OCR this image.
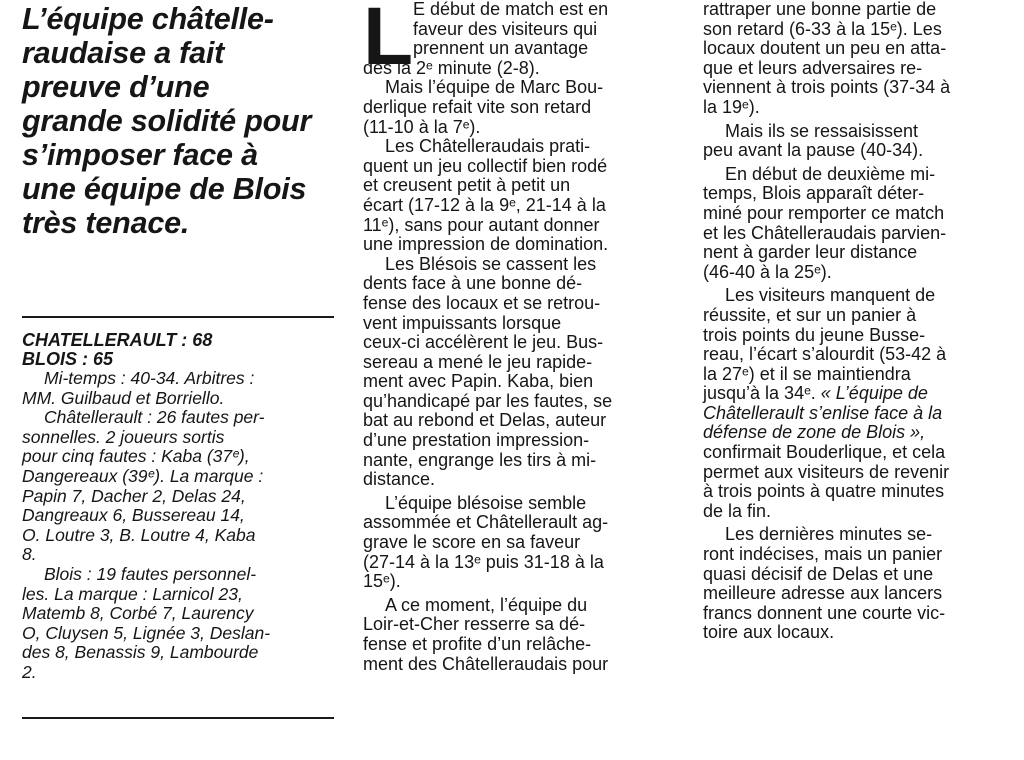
L’équipe châtelle-
raudaise a fait
preuve d’une
grande solidité pour
s’imposer face à
une équipe de Blois
très tenace.

CHATELLERAULT : 68

BLOIS : 65

Mi-temps : 40-34. Arbitres :
MM. Guilbaud et Borriello.
Châtellerault : 26 fautes per-
sonnelles. 2 joueurs sortis
pour cinq fautes : Kaba (37ᵉ),
Dangereaux (39ᵉ). La marque :
Papin 7, Dacher 2, Delas 24,
Dangreaux 6, Bussereau 14,
O. Loutre 3, B. Loutre 4, Kaba
8.
Blois : 19 fautes personnel-
les. La marque : Larnicol 23,
Matemb 8, Corbé 7, Laurency
O, Cluysen 5, Lignée 3, Deslan-
des 8, Benassis 9, Lambourde
2.

L E début de match est en
faveur des visiteurs qui
prennent un avantage
dès la 2ᵉ minute (2-8).
Mais l’équipe de Marc Bou-
derlique refait vite son retard
(11-10 à la 7ᵉ).
Les Châtelleraudais prati-
quent un jeu collectif bien rodé
et creusent petit à petit un
écart (17-12 à la 9ᵉ, 21-14 à la
11ᵉ), sans pour autant donner
une impression de domination.
Les Blésois se cassent les
dents face à une bonne dé-
fense des locaux et se retrou-
vent impuissants lorsque
ceux-ci accélèrent le jeu. Bus-
sereau a mené le jeu rapide-
ment avec Papin. Kaba, bien
qu’handicapé par les fautes, se
bat au rebond et Delas, auteur
d’une prestation impression-
nante, engrange les tirs à mi-
distance.
L’équipe blésoise semble
assommée et Châtellerault ag-
grave le score en sa faveur
(27-14 à la 13ᵉ puis 31-18 à la
15ᵉ).
A ce moment, l’équipe du
Loir-et-Cher resserre sa dé-
fense et profite d’un relâche-
ment des Châtelleraudais pour

rattraper une bonne partie de
son retard (6-33 à la 15ᵉ). Les
locaux doutent un peu en atta-
que et leurs adversaires re-
viennent à trois points (37-34 à
la 19ᵉ).
Mais ils se ressaisissent
peu avant la pause (40-34).
En début de deuxième mi-
temps, Blois apparaît déter-
miné pour remporter ce match
et les Châtelleraudais parvien-
nent à garder leur distance
(46-40 à la 25ᵉ).
Les visiteurs manquent de
réussite, et sur un panier à
trois points du jeune Busse-
reau, l’écart s’alourdit (53-42 à
la 27ᵉ) et il se maintiendra
jusqu’à la 34ᵉ. « L’équipe de
Châtellerault s’enlise face à la
défense de zone de Blois »,
confirmait Bouderlique, et cela
permet aux visiteurs de revenir
à trois points à quatre minutes
de la fin.
Les dernières minutes se-
ront indécises, mais un panier
quasi décisif de Delas et une
meilleure adresse aux lancers
francs donnent une courte vic-
toire aux locaux.
